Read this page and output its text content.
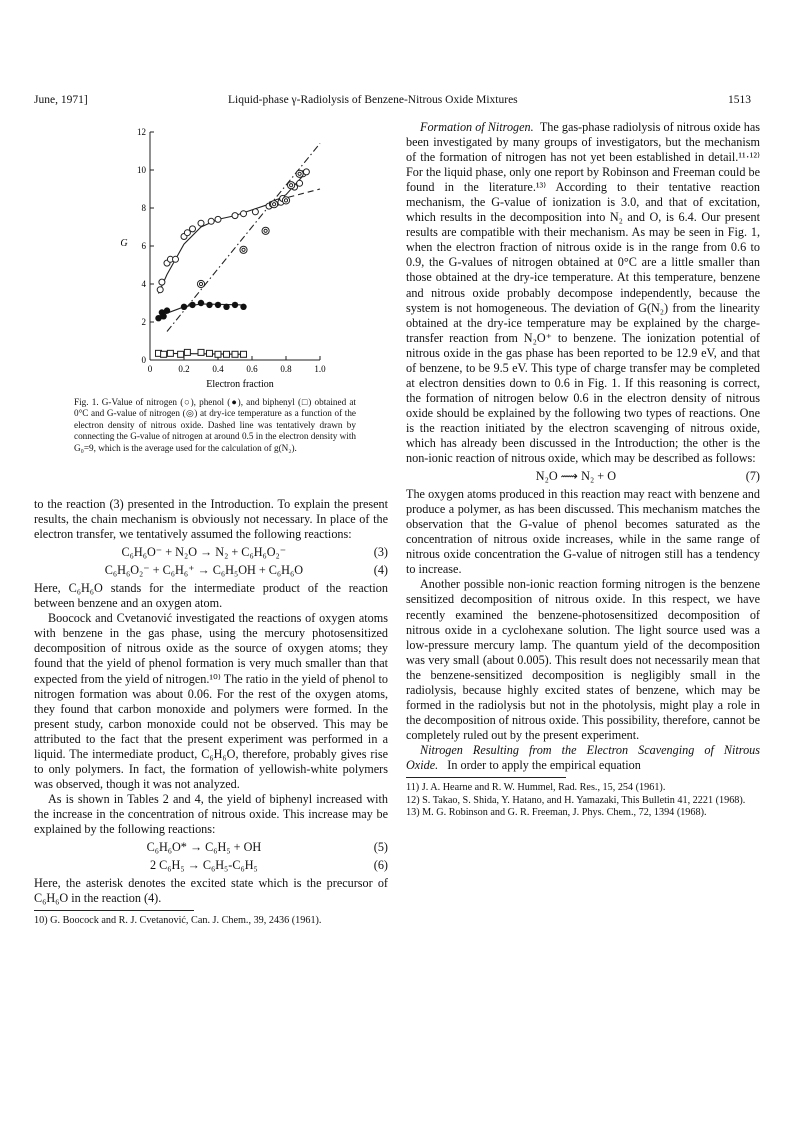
June, 1971]	Liquid-phase γ-Radiolysis of Benzene-Nitrous Oxide Mixtures	1513
0	0.2	0.4	0.6	0.8	1.0
0
2
4
6
8
10
12
Electron fraction
G
Fig. 1. G-Value of nitrogen (○), phenol (●), and biphenyl (□) obtained at 0°C and G-value of nitrogen (◎) at dry-ice temperature as a function of the electron density of nitrous oxide. Dashed line was tentatively drawn by connecting the G-value of nitrogen at around 0.5 in the electron density with G₀=9, which is the average used for the calculation of g(N₂).

to the reaction (3) presented in the Introduction. To explain the present results, the chain mechanism is obviously not necessary. In place of the electron transfer, we tentatively assumed the following reactions:

C₆H₆O⁻ + N₂O → N₂ + C₆H₆O₂⁻	(3)
C₆H₆O₂⁻ + C₆H₆⁺ → C₆H₅OH + C₆H₆O	(4)

Here, C₆H₆O stands for the intermediate product of the reaction between benzene and an oxygen atom.

Boocock and Cvetanović investigated the reactions of oxygen atoms with benzene in the gas phase, using the mercury photosensitized decomposition of nitrous oxide as the source of oxygen atoms; they found that the yield of phenol formation is very much smaller than that expected from the yield of nitrogen.¹⁰⁾ The ratio in the yield of phenol to nitrogen formation was about 0.06. For the rest of the oxygen atoms, they found that carbon monoxide and polymers were formed. In the present study, carbon monoxide could not be observed. This may be attributed to the fact that the present experiment was performed in a liquid. The intermediate product, C₆H₆O, therefore, probably gives rise to only polymers. In fact, the formation of yellowish-white polymers was observed, though it was not analyzed.

As is shown in Tables 2 and 4, the yield of biphenyl increased with the increase in the concentration of nitrous oxide. This increase may be explained by the following reactions:

C₆H₆O* → C₆H₅ + OH	(5)
2 C₆H₅ → C₆H₅-C₆H₅	(6)

Here, the asterisk denotes the excited state which is the precursor of C₆H₆O in the reaction (4).

10) G. Boocock and R. J. Cvetanović, Can. J. Chem., 39, 2436 (1961).

Formation of Nitrogen. The gas-phase radiolysis of nitrous oxide has been investigated by many groups of investigators, but the mechanism of the formation of nitrogen has not yet been established in detail.¹¹·¹²⁾ For the liquid phase, only one report by Robinson and Freeman could be found in the literature.¹³⁾ According to their tentative reaction mechanism, the G-value of ionization is 3.0, and that of excitation, which results in the decomposition into N₂ and O, is 6.4. Our present results are compatible with their mechanism. As may be seen in Fig. 1, when the electron fraction of nitrous oxide is in the range from 0.6 to 0.9, the G-values of nitrogen obtained at 0°C are a little smaller than those obtained at the dry-ice temperature. At this temperature, benzene and nitrous oxide probably decompose independently, because the system is not homogeneous. The deviation of G(N₂) from the linearity obtained at the dry-ice temperature may be explained by the charge-transfer reaction from N₂O⁺ to benzene. The ionization potential of nitrous oxide in the gas phase has been reported to be 12.9 eV, and that of benzene, to be 9.5 eV. This type of charge transfer may be completed at electron densities down to 0.6 in Fig. 1. If this reasoning is correct, the formation of nitrogen below 0.6 in the electron density of nitrous oxide should be explained by the following two types of reactions. One is the reaction initiated by the electron scavenging of nitrous oxide, which has already been discussed in the Introduction; the other is the non-ionic reaction of nitrous oxide, which may be described as follows:

N₂O ⟿ N₂ + O	(7)

The oxygen atoms produced in this reaction may react with benzene and produce a polymer, as has been discussed. This mechanism matches the observation that the G-value of phenol becomes saturated as the concentration of nitrous oxide increases, while in the same range of nitrous oxide concentration the G-value of nitrogen still has a tendency to increase.

Another possible non-ionic reaction forming nitrogen is the benzene sensitized decomposition of nitrous oxide. In this respect, we have recently examined the benzene-photosensitized decomposition of nitrous oxide in a cyclohexane solution. The light source used was a low-pressure mercury lamp. The quantum yield of the decomposition was very small (about 0.005). This result does not necessarily mean that the benzene-sensitized decomposition is negligibly small in the radiolysis, because highly excited states of benzene, which may be formed in the radiolysis but not in the photolysis, might play a role in the decomposition of nitrous oxide. This possibility, therefore, cannot be completely ruled out by the present experiment.

Nitrogen Resulting from the Electron Scavenging of Nitrous Oxide. In order to apply the empirical equation

11) J. A. Hearne and R. W. Hummel, Rad. Res., 15, 254 (1961).

12) S. Takao, S. Shida, Y. Hatano, and H. Yamazaki, This Bulletin 41, 2221 (1968).

13) M. G. Robinson and G. R. Freeman, J. Phys. Chem., 72, 1394 (1968).
